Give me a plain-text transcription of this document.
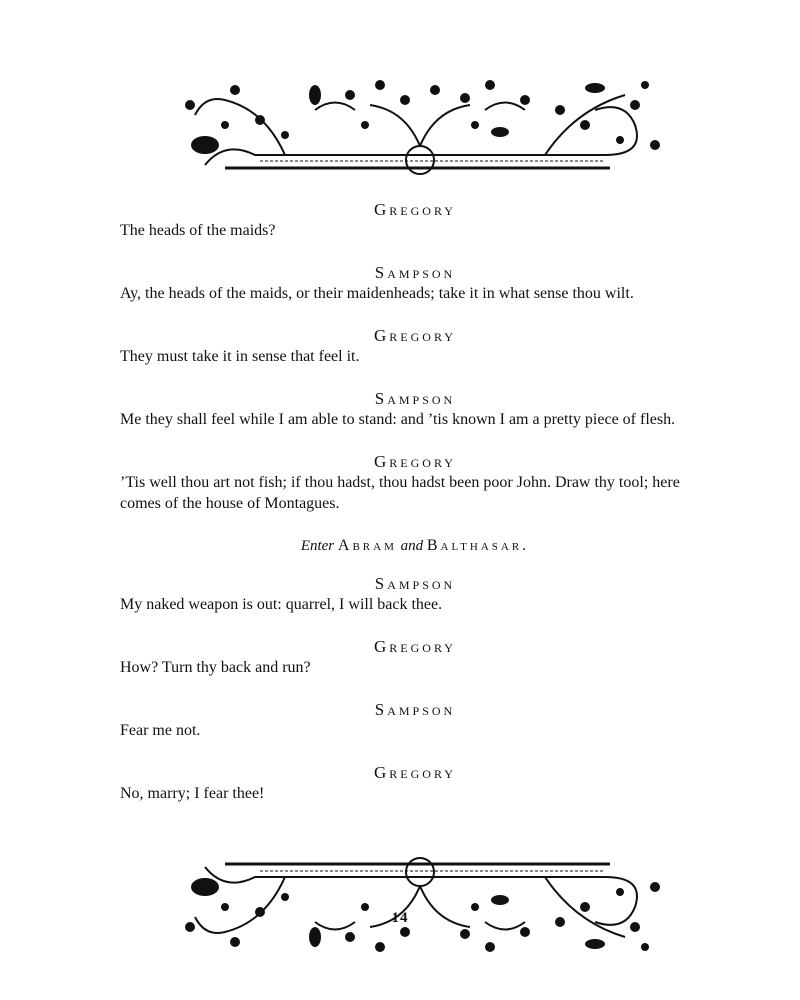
Gregory
The heads of the maids?
Sampson
Ay, the heads of the maids, or their maidenheads; take it in what sense thou wilt.
Gregory
They must take it in sense that feel it.
Sampson
Me they shall feel while I am able to stand: and ’tis known I am a pretty piece of flesh.
Gregory
’Tis well thou art not fish; if thou hadst, thou hadst been poor John. Draw thy tool; here comes of the house of Montagues.
Enter Abram and Balthasar.
Sampson
My naked weapon is out: quarrel, I will back thee.
Gregory
How? Turn thy back and run?
Sampson
Fear me not.
Gregory
No, marry; I fear thee!
14
